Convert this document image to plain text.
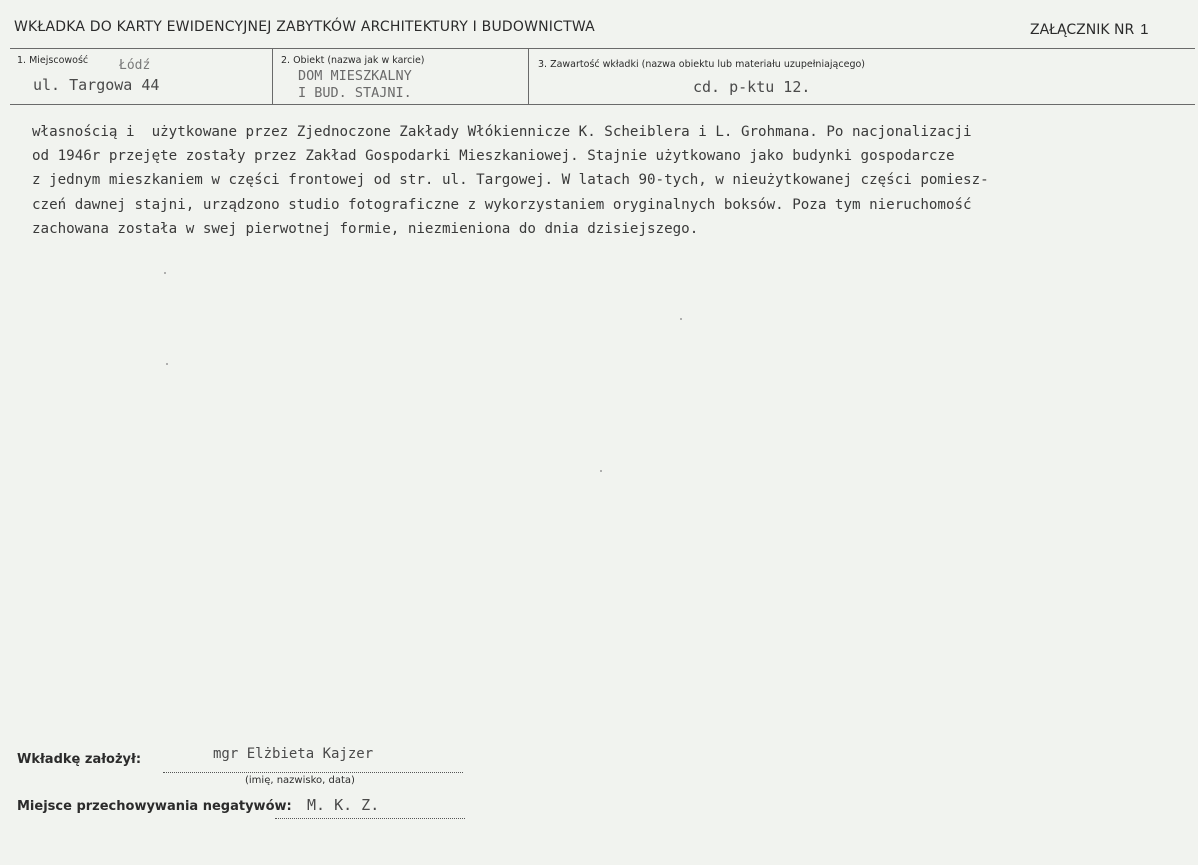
WKŁADKA DO KARTY EWIDENCYJNEJ ZABYTKÓW ARCHITEKTURY I BUDOWNICTWA	ZAŁĄCZNIK NR 1
1. Miejscowość Łódź
ul. Targowa 44
2. Obiekt (nazwa jak w karcie)
DOM MIESZKALNY
I BUD. STAJNI.
3. Zawartość wkładki (nazwa obiektu lub materiału uzupełniającego)
cd. p-ktu 12.
własnością i  użytkowane przez Zjednoczone Zakłady Włókiennicze K. Scheiblera i L. Grohmana. Po nacjonalizacji
od 1946r przejęte zostały przez Zakład Gospodarki Mieszkaniowej. Stajnie użytkowano jako budynki gospodarcze
z jednym mieszkaniem w części frontowej od str. ul. Targowej. W latach 90-tych, w nieużytkowanej części pomiesz-
czeń dawnej stajni, urządzono studio fotograficzne z wykorzystaniem oryginalnych boksów. Poza tym nieruchomość
zachowana została w swej pierwotnej formie, niezmieniona do dnia dzisiejszego.
Wkładkę założył:	mgr Elżbieta Kajzer
(imię, nazwisko, data)
Miejsce przechowywania negatywów: M. K. Z.
